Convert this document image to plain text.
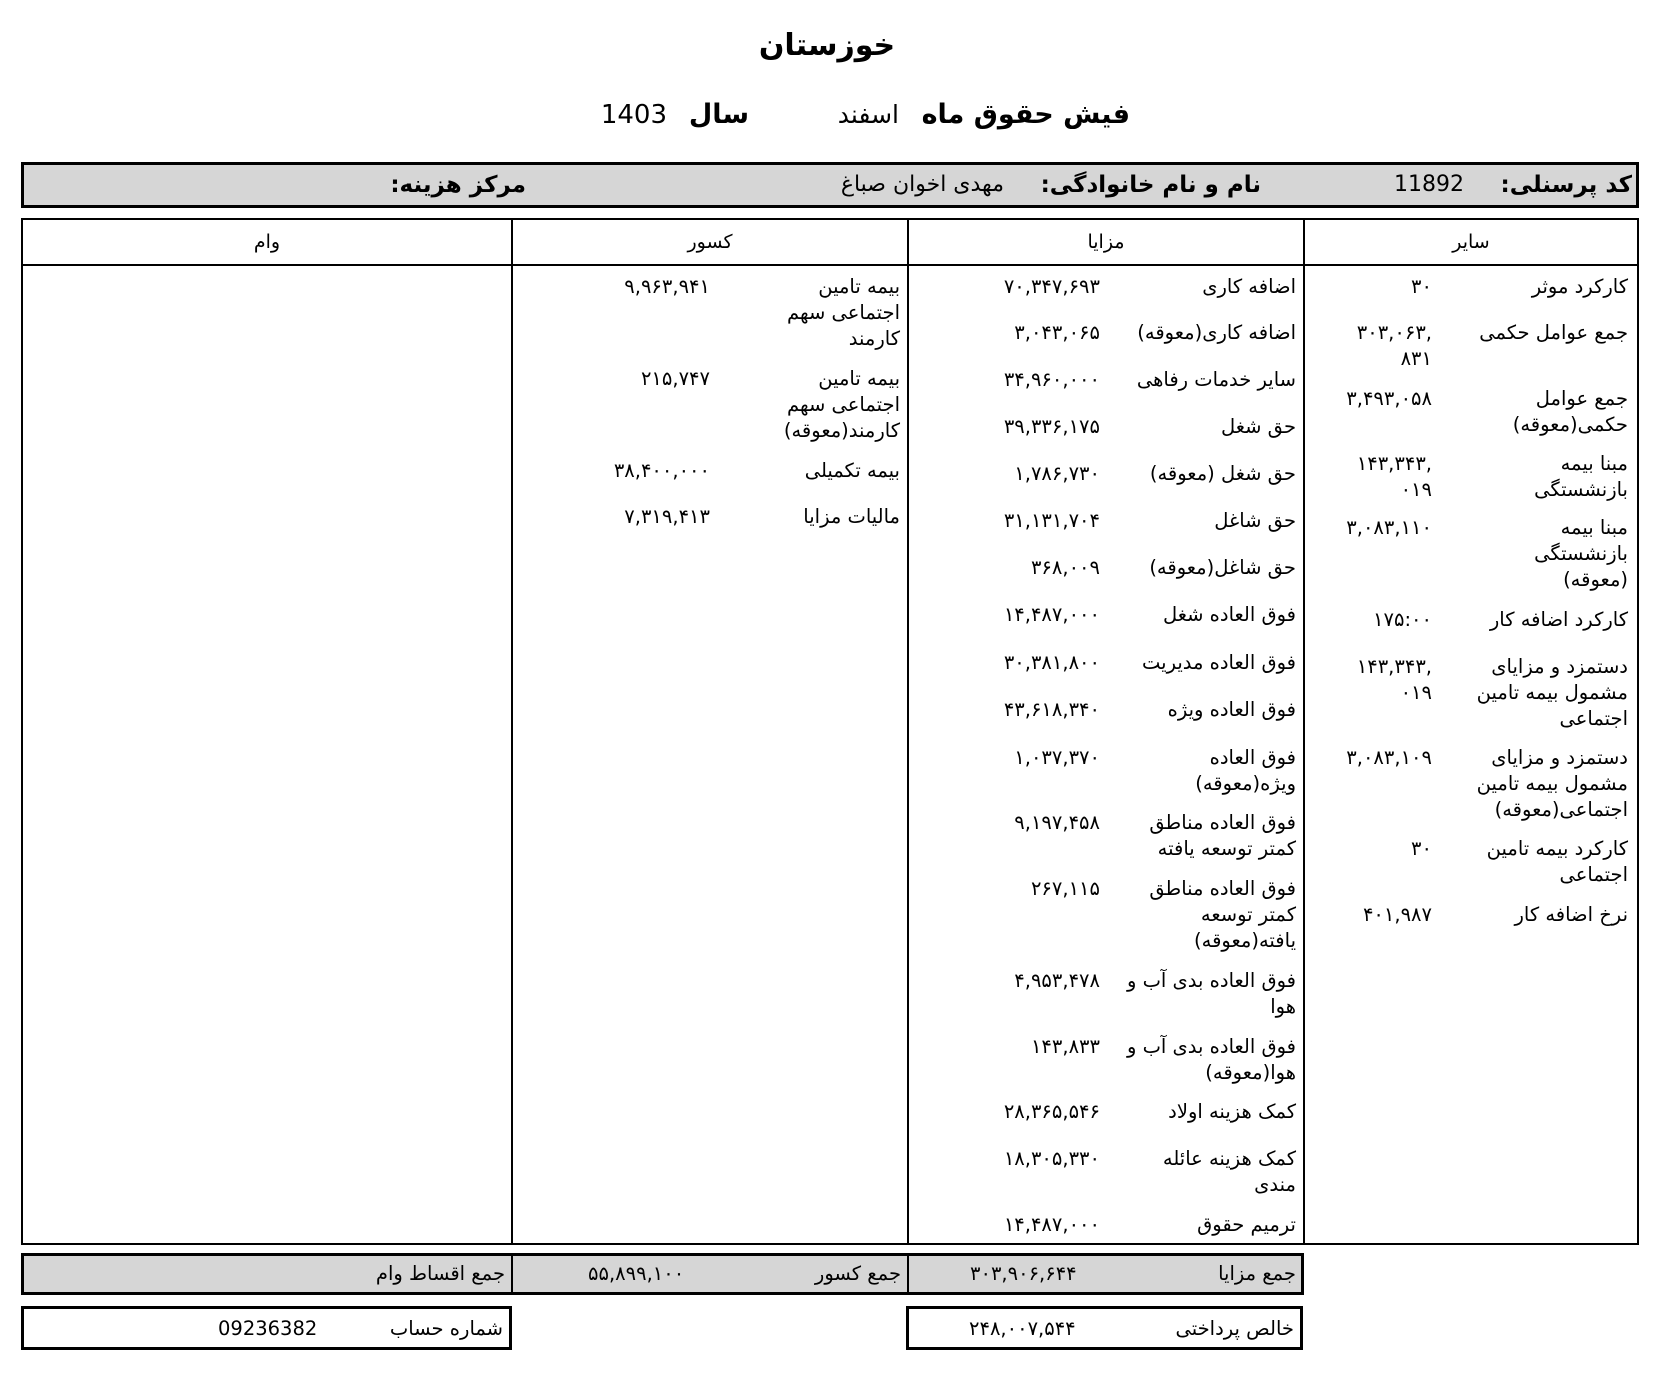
خوزستان
فیش حقوق ماه
اسفند
سال
1403
کد پرسنلی:
11892
نام و نام خانوادگی:
مهدی اخوان صباغ
مرکز هزینه:
سایر
مزایا
کسور
وام
کارکرد موثر
۳۰
جمع عوامل حکمی
۳۰۳,۰۶۳, ۸۳۱
جمع عوامل حکمی(معوقه)
۳,۴۹۳,۰۵۸
مبنا بیمه بازنشستگی
۱۴۳,۳۴۳, ۰۱۹
مبنا بیمه بازنشستگی (معوقه)
۳,۰۸۳,۱۱۰
کارکرد اضافه کار
۱۷۵:۰۰
دستمزد و مزایای مشمول بیمه تامین اجتماعی
۱۴۳,۳۴۳, ۰۱۹
دستمزد و مزایای مشمول بیمه تامین اجتماعی(معوقه)
۳,۰۸۳,۱۰۹
کارکرد بیمه تامین اجتماعی
۳۰
نرخ اضافه کار
۴۰۱,۹۸۷
اضافه کاری
۷۰,۳۴۷,۶۹۳
اضافه کاری(معوقه)
۳,۰۴۳,۰۶۵
سایر خدمات رفاهی
۳۴,۹۶۰,۰۰۰
حق شغل
۳۹,۳۳۶,۱۷۵
حق شغل (معوقه)
۱,۷۸۶,۷۳۰
حق شاغل
۳۱,۱۳۱,۷۰۴
حق شاغل(معوقه)
۳۶۸,۰۰۹
فوق العاده شغل
۱۴,۴۸۷,۰۰۰
فوق العاده مدیریت
۳۰,۳۸۱,۸۰۰
فوق العاده ویژه
۴۳,۶۱۸,۳۴۰
فوق العاده ویژه(معوقه)
۱,۰۳۷,۳۷۰
فوق العاده مناطق کمتر توسعه یافته
۹,۱۹۷,۴۵۸
فوق العاده مناطق کمتر توسعه یافته(معوقه)
۲۶۷,۱۱۵
فوق العاده بدی آب و هوا
۴,۹۵۳,۴۷۸
فوق العاده بدی آب و هوا(معوقه)
۱۴۳,۸۳۳
کمک هزینه اولاد
۲۸,۳۶۵,۵۴۶
کمک هزینه عائله مندی
۱۸,۳۰۵,۳۳۰
ترمیم حقوق
۱۴,۴۸۷,۰۰۰
بیمه تامین اجتماعی سهم کارمند
۹,۹۶۳,۹۴۱
بیمه تامین اجتماعی سهم کارمند(معوقه)
۲۱۵,۷۴۷
بیمه تکمیلی
۳۸,۴۰۰,۰۰۰
مالیات مزایا
۷,۳۱۹,۴۱۳
جمع مزایا
۳۰۳,۹۰۶,۶۴۴
جمع کسور
۵۵,۸۹۹,۱۰۰
جمع اقساط وام
خالص پرداختی
۲۴۸,۰۰۷,۵۴۴
شماره حساب
09236382
